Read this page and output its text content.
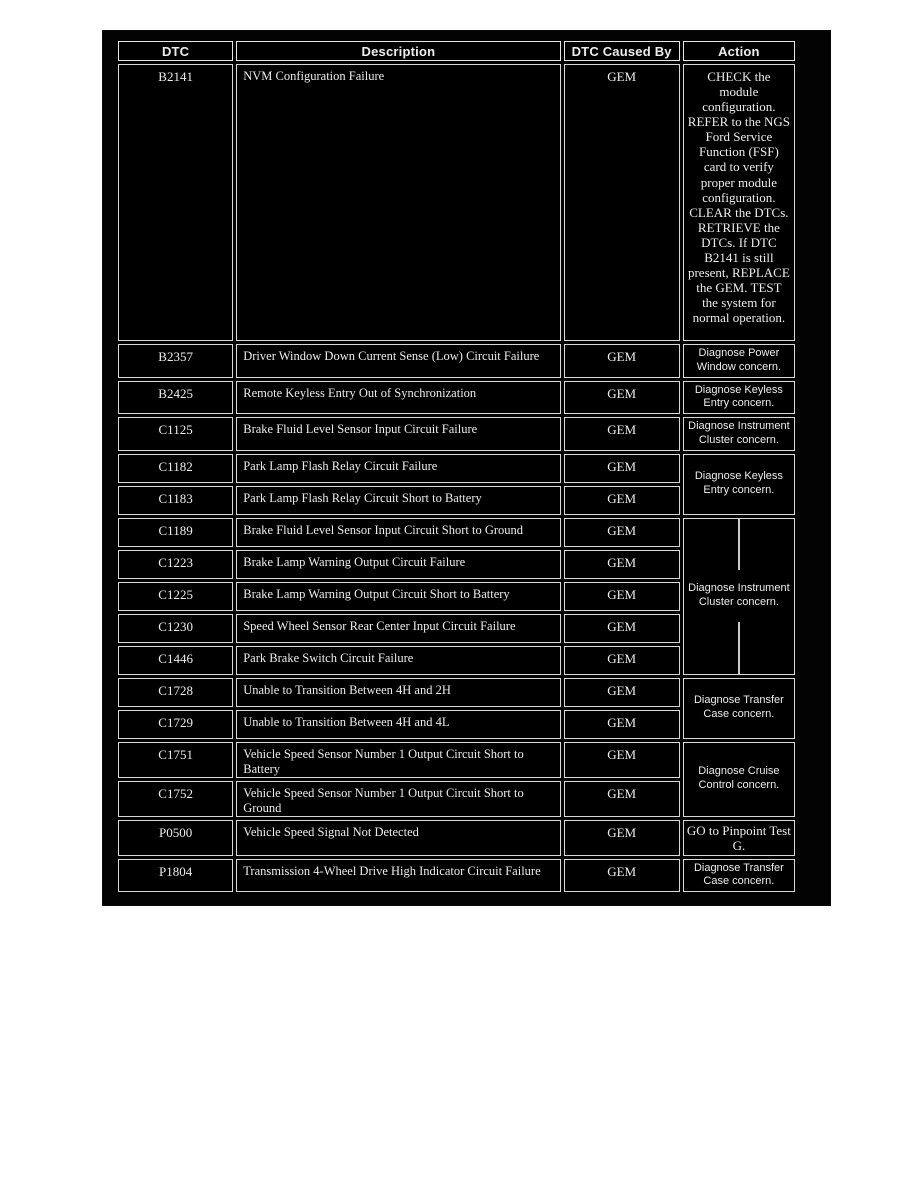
DTC	Description	DTC Caused By	Action
B2141	NVM Configuration Failure	GEM	CHECK the module configuration. REFER to the NGS Ford Service Function (FSF) card to verify proper module configuration. CLEAR the DTCs. RETRIEVE the DTCs. If DTC B2141 is still present, REPLACE the GEM. TEST the system for normal operation.
B2357	Driver Window Down Current Sense (Low) Circuit Failure	GEM	Diagnose Power Window concern.
B2425	Remote Keyless Entry Out of Synchronization	GEM	Diagnose Keyless Entry concern.
C1125	Brake Fluid Level Sensor Input Circuit Failure	GEM	Diagnose Instrument Cluster concern.
C1182	Park Lamp Flash Relay Circuit Failure	GEM	Diagnose Keyless Entry concern.
C1183	Park Lamp Flash Relay Circuit Short to Battery	GEM	
C1189	Brake Fluid Level Sensor Input Circuit Short to Ground	GEM	Diagnose Instrument Cluster concern.

C1223	Brake Lamp Warning Output Circuit Failure	GEM	
C1225	Brake Lamp Warning Output Circuit Short to Battery	GEM	
C1230	Speed Wheel Sensor Rear Center Input Circuit Failure	GEM	
C1446	Park Brake Switch Circuit Failure	GEM	
C1728	Unable to Transition Between 4H and 2H	GEM	Diagnose Transfer Case concern.
C1729	Unable to Transition Between 4H and 4L	GEM	
C1751	Vehicle Speed Sensor Number 1 Output Circuit Short to Battery	GEM	Diagnose Cruise Control concern.
C1752	Vehicle Speed Sensor Number 1 Output Circuit Short to Ground	GEM	
P0500	Vehicle Speed Signal Not Detected	GEM	GO to Pinpoint Test G.
P1804	Transmission 4-Wheel Drive High Indicator Circuit Failure	GEM	Diagnose Transfer Case concern.
